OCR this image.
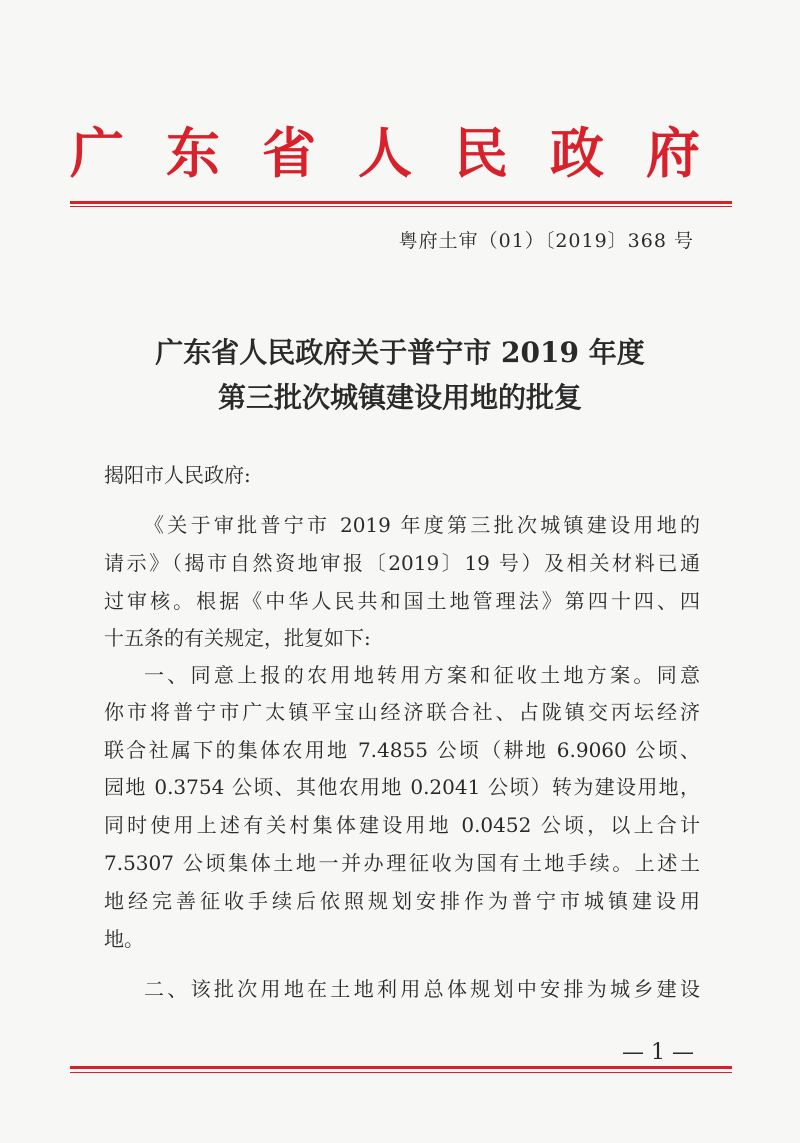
广东省人民政府
粤府土审（01）〔2019〕368 号
广东省人民政府关于普宁市 2019 年度
第三批次城镇建设用地的批复
揭阳市人民政府:
《关于审批普宁市 2019 年度第三批次城镇建设用地的
请示》（揭市自然资地审报〔2019〕19 号）及相关材料已通
过审核。根据《中华人民共和国土地管理法》第四十四、四
十五条的有关规定，批复如下:
一、同意上报的农用地转用方案和征收土地方案。同意
你市将普宁市广太镇平宝山经济联合社、占陇镇交丙坛经济
联合社属下的集体农用地 7.4855 公顷（耕地 6.9060 公顷、
园地 0.3754 公顷、其他农用地 0.2041 公顷）转为建设用地，
同时使用上述有关村集体建设用地 0.0452 公顷，以上合计
7.5307 公顷集体土地一并办理征收为国有土地手续。上述土
地经完善征收手续后依照规划安排作为普宁市城镇建设用
地。
二、该批次用地在土地利用总体规划中安排为城乡建设
— 1 —
